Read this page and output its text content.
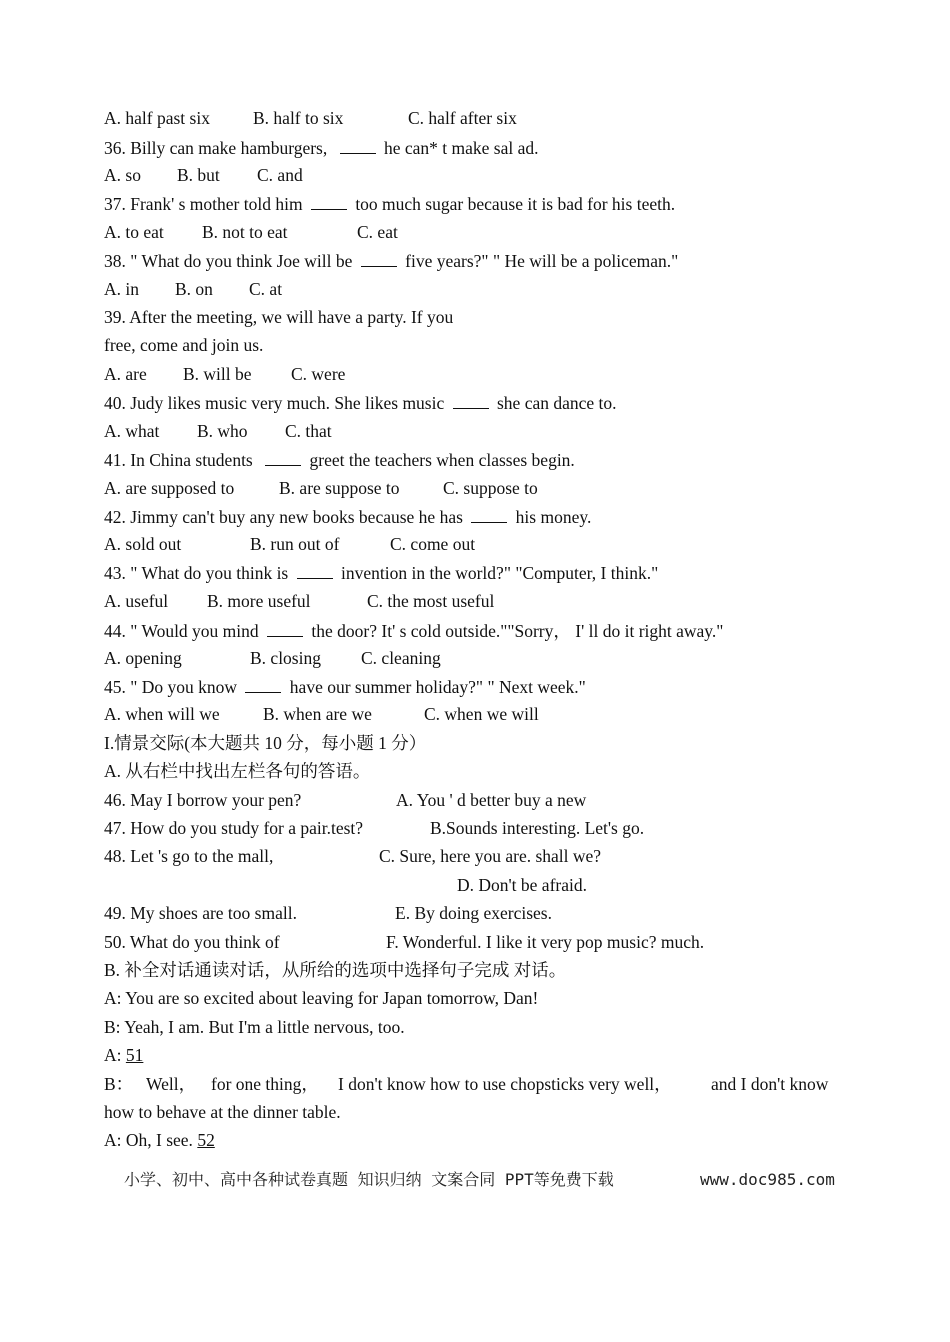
A. half past six B. half to six	C. half after six
36. Billy can make hamburgers,	he can* t make sal ad.
A. so B. but C. and
37. Frank' s mother told him	too much sugar because it is bad for his teeth.
A. to eat B. not to eat	C. eat
38. " What do you think Joe will be	five years?" " He will be a policeman."
A. in B. on C. at
39. After the meeting, we will have a party. If you
free, come and join us.
A. are B. will be C. were
40. Judy likes music very much. She likes music	she can dance to.
A. what B. who C. that
41. In China students	greet the teachers when classes begin.
A. are supposed to	B. are suppose to C. suppose to
42. Jimmy can't buy any new books because he has	his money.
A. sold out	B. run out of	C. come out
43. " What do you think is	invention in the world?" "Computer, I think."
A. useful B. more useful	C. the most useful
44. " Would you mind	the door? It' s cold outside.""Sorry， I' ll do it right away."
A. opening	B. closing C. cleaning
45. " Do you know	have our summer holiday?" " Next week."
A. when will we B. when are we	C. when we will
I.情景交际(本大题共 10 分，每小题 1 分）
A. 从右栏中找出左栏各句的答语。
46. May I borrow your pen?	A. You ' d better buy a new
47. How do you study for a pair.test?	B.Sounds interesting. Let's go.
48. Let 's go to the mall,	C. Sure, here you are. shall we?
D. Don't be afraid.
49. My shoes are too small.	E. By doing exercises.
50. What do you think of	F. Wonderful. I like it very pop music? much.
B. 补全对话通读对话，从所给的选项中选择句子完成 对话。
A: You are so excited about leaving for Japan tomorrow, Dan!
B: Yeah, I am. But I'm a little nervous, too.
A: 51
B： Well， for one thing， I don't know how to use chopsticks very well， and I don't know
how to behave at the dinner table.
A: Oh, I see. 52
小学、初中、高中各种试卷真题 知识归纳 文案合同 PPT等免费下载	www.doc985.com
